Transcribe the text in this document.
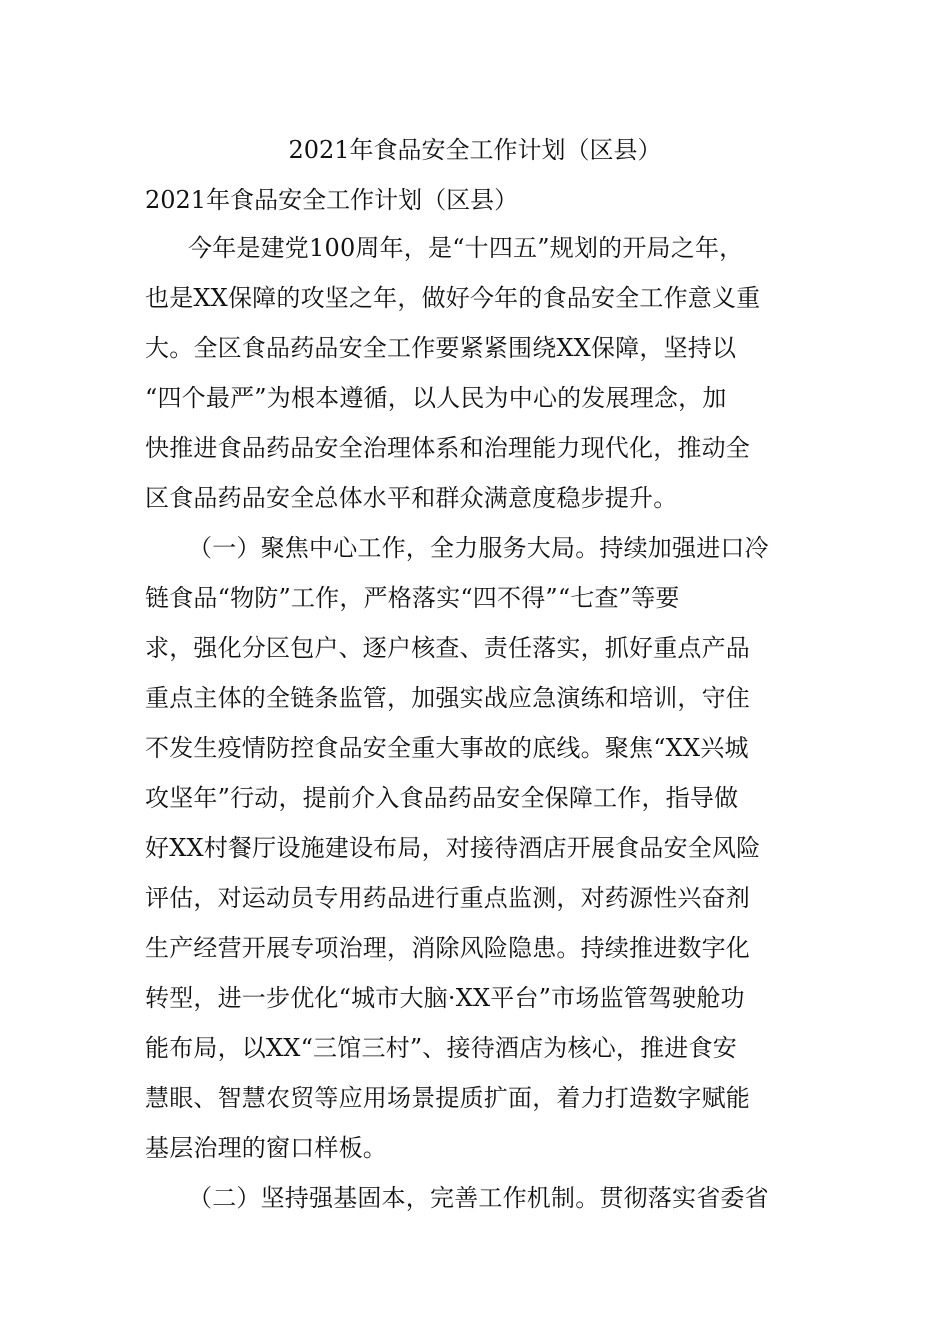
2021年食品安全工作计划（区县）
2021年食品安全工作计划（区县）
今年是建党100周年，是“十四五”规划的开局之年，
也是XX保障的攻坚之年，做好今年的食品安全工作意义重
大。全区食品药品安全工作要紧紧围绕XX保障，坚持以
“四个最严”为根本遵循，以人民为中心的发展理念，加
快推进食品药品安全治理体系和治理能力现代化，推动全
区食品药品安全总体水平和群众满意度稳步提升。
（一）聚焦中心工作，全力服务大局。持续加强进口冷
链食品“物防”工作，严格落实“四不得”“七查”等要
求，强化分区包户、逐户核查、责任落实，抓好重点产品
重点主体的全链条监管，加强实战应急演练和培训，守住
不发生疫情防控食品安全重大事故的底线。聚焦“XX兴城
攻坚年”行动，提前介入食品药品安全保障工作，指导做
好XX村餐厅设施建设布局，对接待酒店开展食品安全风险
评估，对运动员专用药品进行重点监测，对药源性兴奋剂
生产经营开展专项治理，消除风险隐患。持续推进数字化
转型，进一步优化“城市大脑·XX平台”市场监管驾驶舱功
能布局，以XX“三馆三村”、接待酒店为核心，推进食安
慧眼、智慧农贸等应用场景提质扩面，着力打造数字赋能
基层治理的窗口样板。
（二）坚持强基固本，完善工作机制。贯彻落实省委省
